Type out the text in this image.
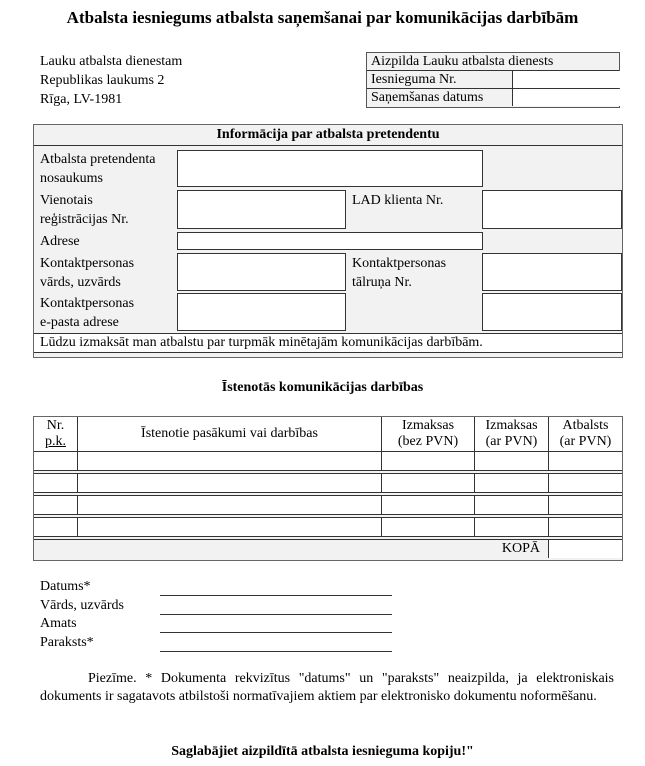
Atbalsta iesniegums atbalsta saņemšanai par komunikācijas darbībām
Lauku atbalsta dienestam
Republikas laukums 2
Rīga, LV-1981
Aizpilda Lauku atbalsta dienests
Iesnieguma Nr.
Saņemšanas datums
Informācija par atbalsta pretendentu
Atbalsta pretendenta
nosaukums
Vienotais
reģistrācijas Nr.
LAD klienta Nr.
Adrese
Kontaktpersonas
vārds, uzvārds
Kontaktpersonas
tālruņa Nr.
Kontaktpersonas
e-pasta adrese
Lūdzu izmaksāt man atbalstu par turpmāk minētajām komunikācijas darbībām.
Īstenotās komunikācijas darbības
Nr.
p.k.
Īstenotie pasākumi vai darbības
Izmaksas
(bez PVN)
Izmaksas
(ar PVN)
Atbalsts
(ar PVN)
KOPĀ
Datums*
Vārds, uzvārds
Amats
Paraksts*
Piezīme. * Dokumenta rekvizītus "datums" un "paraksts" neaizpilda, ja elektroniskais dokuments ir sagatavots atbilstoši normatīvajiem aktiem par elektronisko dokumentu noformēšanu.
Saglabājiet aizpildītā atbalsta iesnieguma kopiju!"
